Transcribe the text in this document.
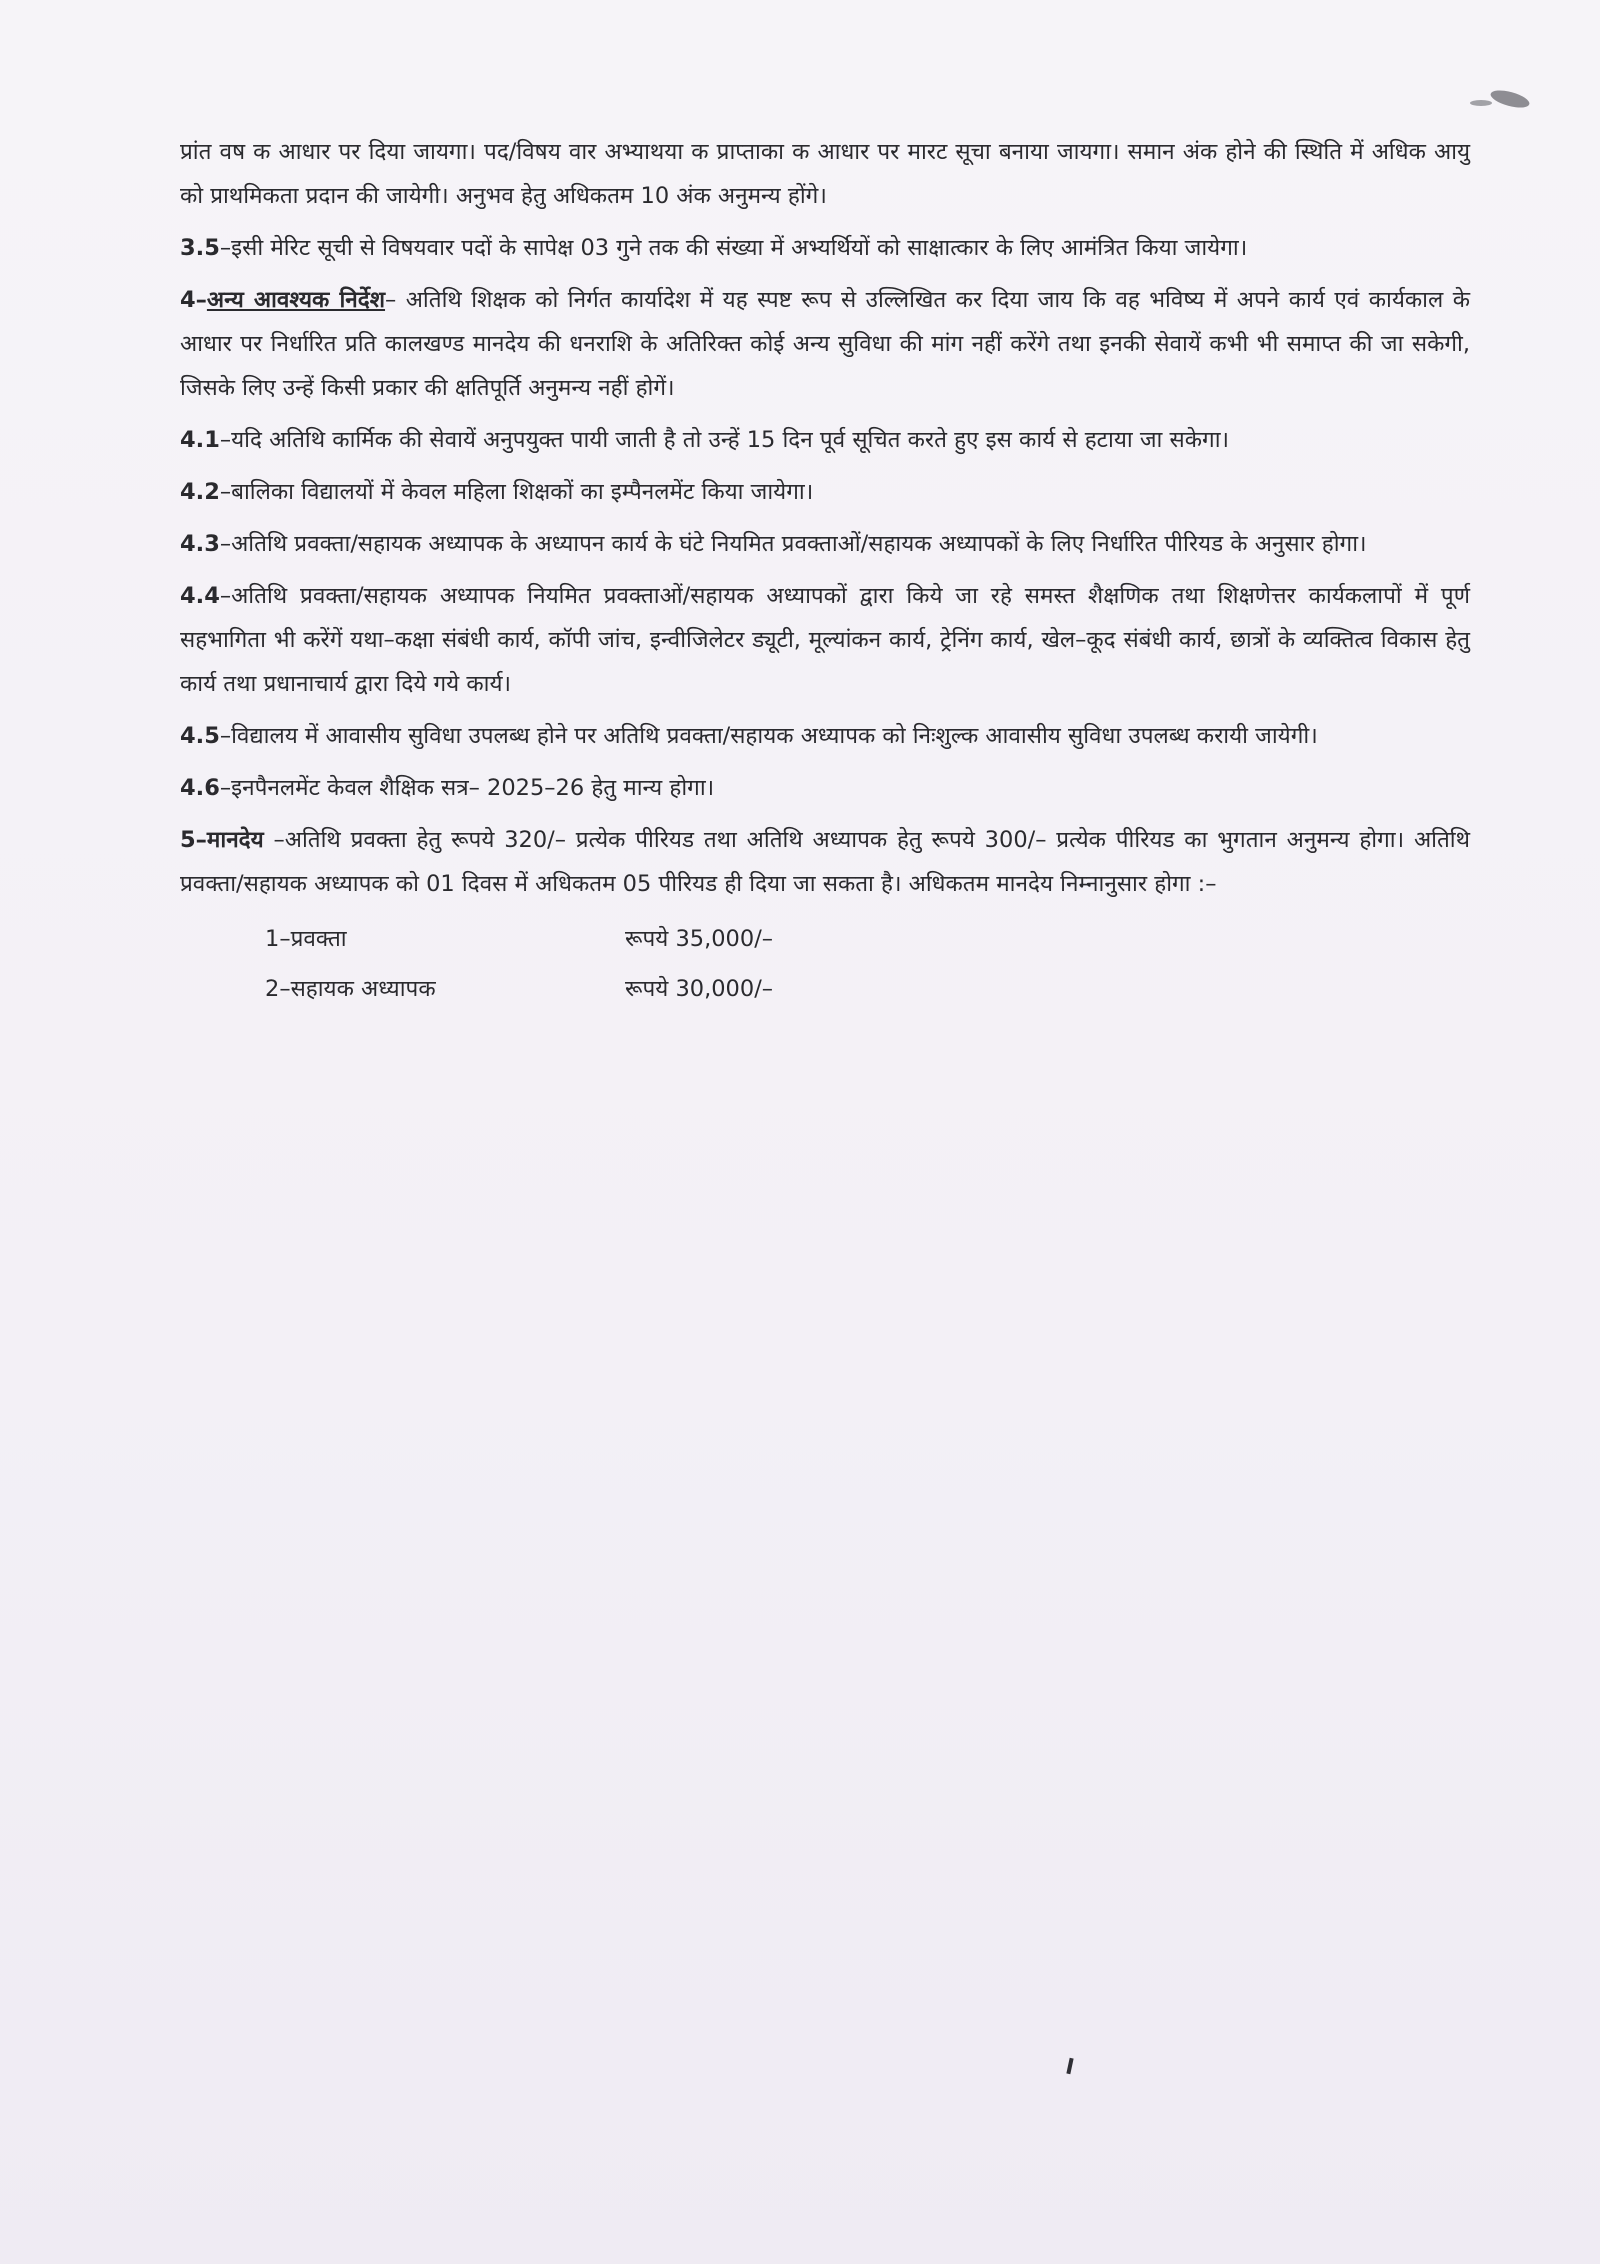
प्रांत वष क आधार पर दिया जायगा। पद/विषय वार अभ्याथया क प्राप्ताका क आधार पर मारट सूचा बनाया जायगा। समान अंक होने की स्थिति में अधिक आयु को प्राथमिकता प्रदान की जायेगी। अनुभव हेतु अधिकतम 10 अंक अनुमन्य होंगे।

3.5–इसी मेरिट सूची से विषयवार पदों के सापेक्ष 03 गुने तक की संख्या में अभ्यर्थियों को साक्षात्कार के लिए आमंत्रित किया जायेगा।

4–अन्य आवश्यक निर्देश– अतिथि शिक्षक को निर्गत कार्यादेश में यह स्पष्ट रूप से उल्लिखित कर दिया जाय कि वह भविष्य में अपने कार्य एवं कार्यकाल के आधार पर निर्धारित प्रति कालखण्ड मानदेय की धनराशि के अतिरिक्त कोई अन्य सुविधा की मांग नहीं करेंगे तथा इनकी सेवायें कभी भी समाप्त की जा सकेगी, जिसके लिए उन्हें किसी प्रकार की क्षतिपूर्ति अनुमन्य नहीं होगें।

4.1–यदि अतिथि कार्मिक की सेवायें अनुपयुक्त पायी जाती है तो उन्हें 15 दिन पूर्व सूचित करते हुए इस कार्य से हटाया जा सकेगा।

4.2–बालिका विद्यालयों में केवल महिला शिक्षकों का इम्पैनलमेंट किया जायेगा।

4.3–अतिथि प्रवक्ता/सहायक अध्यापक के अध्यापन कार्य के घंटे नियमित प्रवक्ताओं/सहायक अध्यापकों के लिए निर्धारित पीरियड के अनुसार होगा।

4.4–अतिथि प्रवक्ता/सहायक अध्यापक नियमित प्रवक्ताओं/सहायक अध्यापकों द्वारा किये जा रहे समस्त शैक्षणिक तथा शिक्षणेत्तर कार्यकलापों में पूर्ण सहभागिता भी करेंगें यथा–कक्षा संबंधी कार्य, कॉपी जांच, इन्वीजिलेटर ड्यूटी, मूल्यांकन कार्य, ट्रेनिंग कार्य, खेल–कूद संबंधी कार्य, छात्रों के व्यक्तित्व विकास हेतु कार्य तथा प्रधानाचार्य द्वारा दिये गये कार्य।

4.5–विद्यालय में आवासीय सुविधा उपलब्ध होने पर अतिथि प्रवक्ता/सहायक अध्यापक को निःशुल्क आवासीय सुविधा उपलब्ध करायी जायेगी।

4.6–इनपैनलमेंट केवल शैक्षिक सत्र– 2025–26 हेतु मान्य होगा।

5–मानदेय –अतिथि प्रवक्ता हेतु रूपये 320/– प्रत्येक पीरियड तथा अतिथि अध्यापक हेतु रूपये 300/– प्रत्येक पीरियड का भुगतान अनुमन्य होगा। अतिथि प्रवक्ता/सहायक अध्यापक को 01 दिवस में अधिकतम 05 पीरियड ही दिया जा सकता है। अधिकतम मानदेय निम्नानुसार होगा :–

1–प्रवक्ता	रूपये 35,000/–
2–सहायक अध्यापक	रूपये 30,000/–
